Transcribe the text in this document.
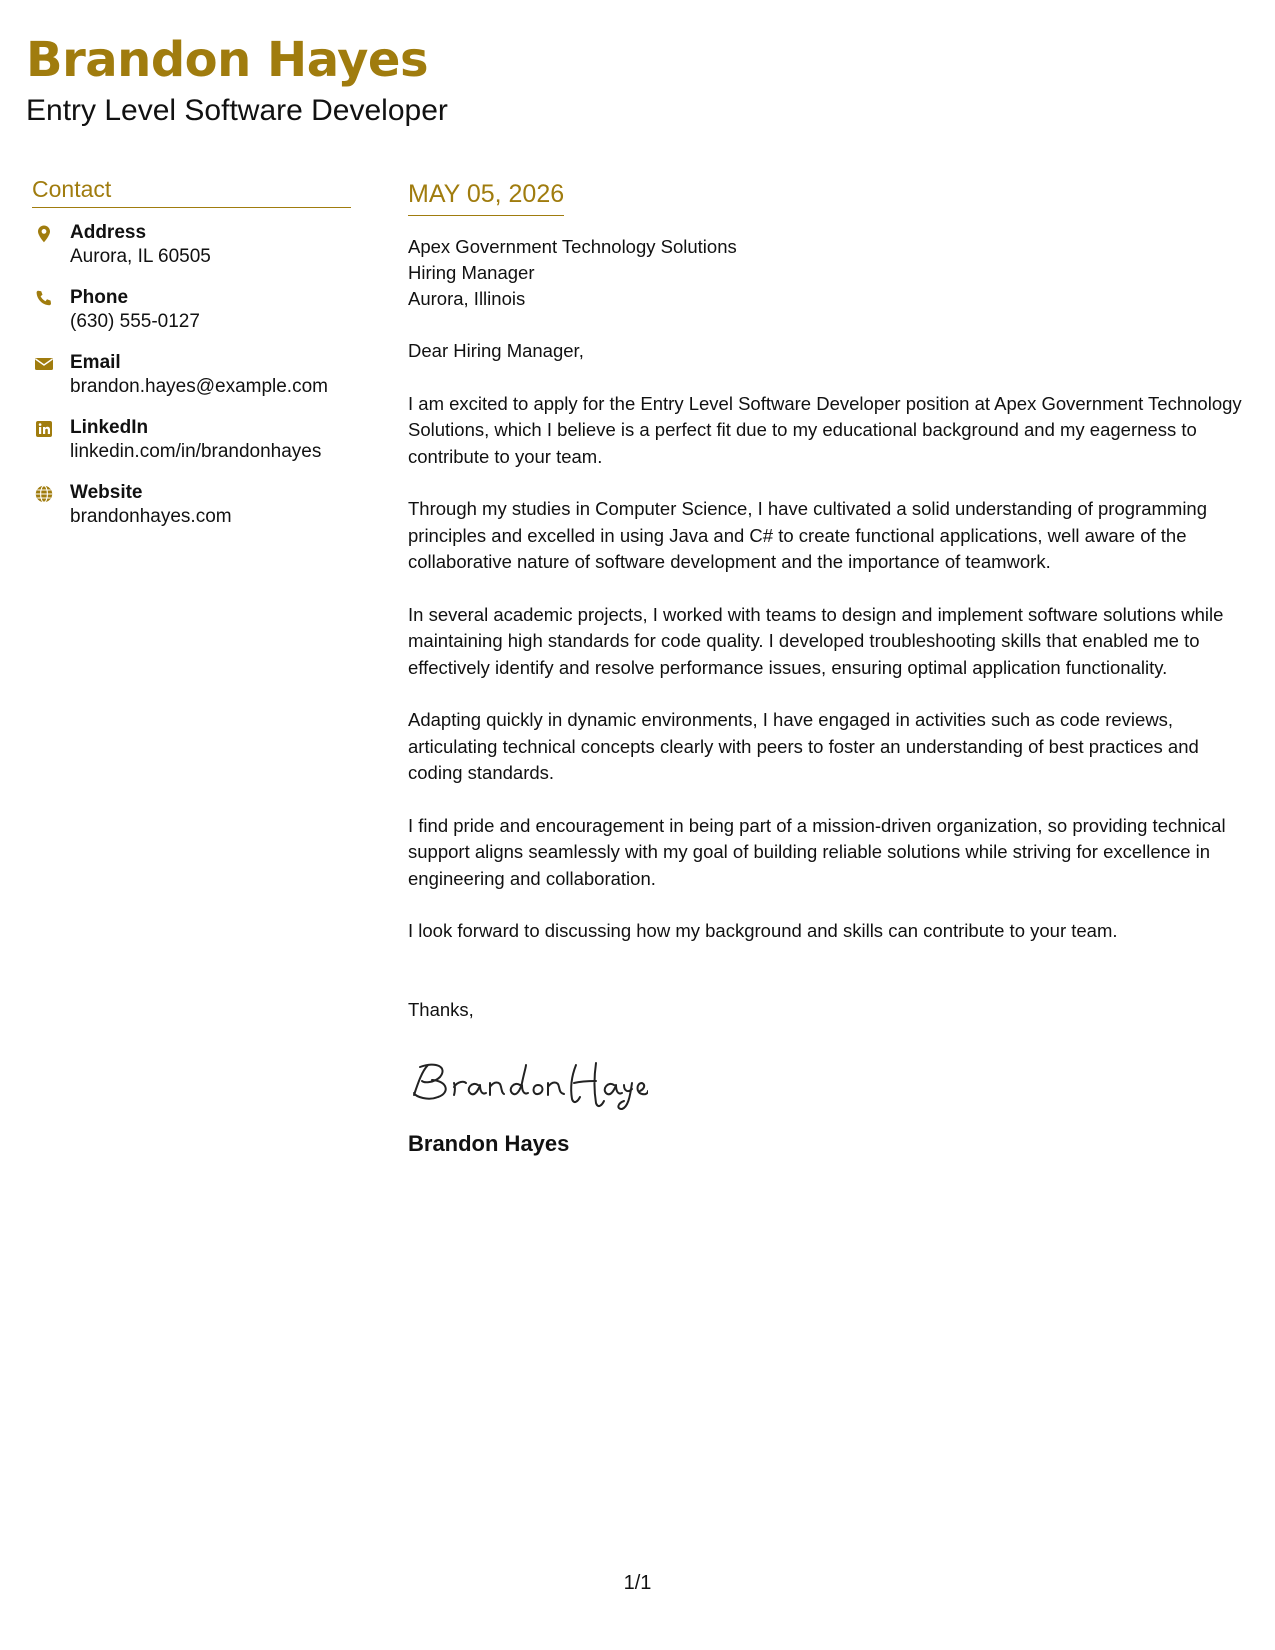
Brandon Hayes
Entry Level Software Developer
Contact
Address
Aurora, IL 60505
Phone
(630) 555-0127
Email
brandon.hayes@example.com
LinkedIn
linkedin.com/in/brandonhayes
Website
brandonhayes.com
MAY 05, 2026
Apex Government Technology Solutions
Hiring Manager
Aurora, Illinois
Dear Hiring Manager,
I am excited to apply for the Entry Level Software Developer position at Apex Government Technology Solutions, which I believe is a perfect fit due to my educational background and my eagerness to contribute to your team.
Through my studies in Computer Science, I have cultivated a solid understanding of programming principles and excelled in using Java and C# to create functional applications, well aware of the collaborative nature of software development and the importance of teamwork.
In several academic projects, I worked with teams to design and implement software solutions while maintaining high standards for code quality. I developed troubleshooting skills that enabled me to effectively identify and resolve performance issues, ensuring optimal application functionality.
Adapting quickly in dynamic environments, I have engaged in activities such as code reviews, articulating technical concepts clearly with peers to foster an understanding of best practices and coding standards.
I find pride and encouragement in being part of a mission-driven organization, so providing technical support aligns seamlessly with my goal of building reliable solutions while striving for excellence in engineering and collaboration.
I look forward to discussing how my background and skills can contribute to your team.
Thanks,
Brandon Hayes
1/1
